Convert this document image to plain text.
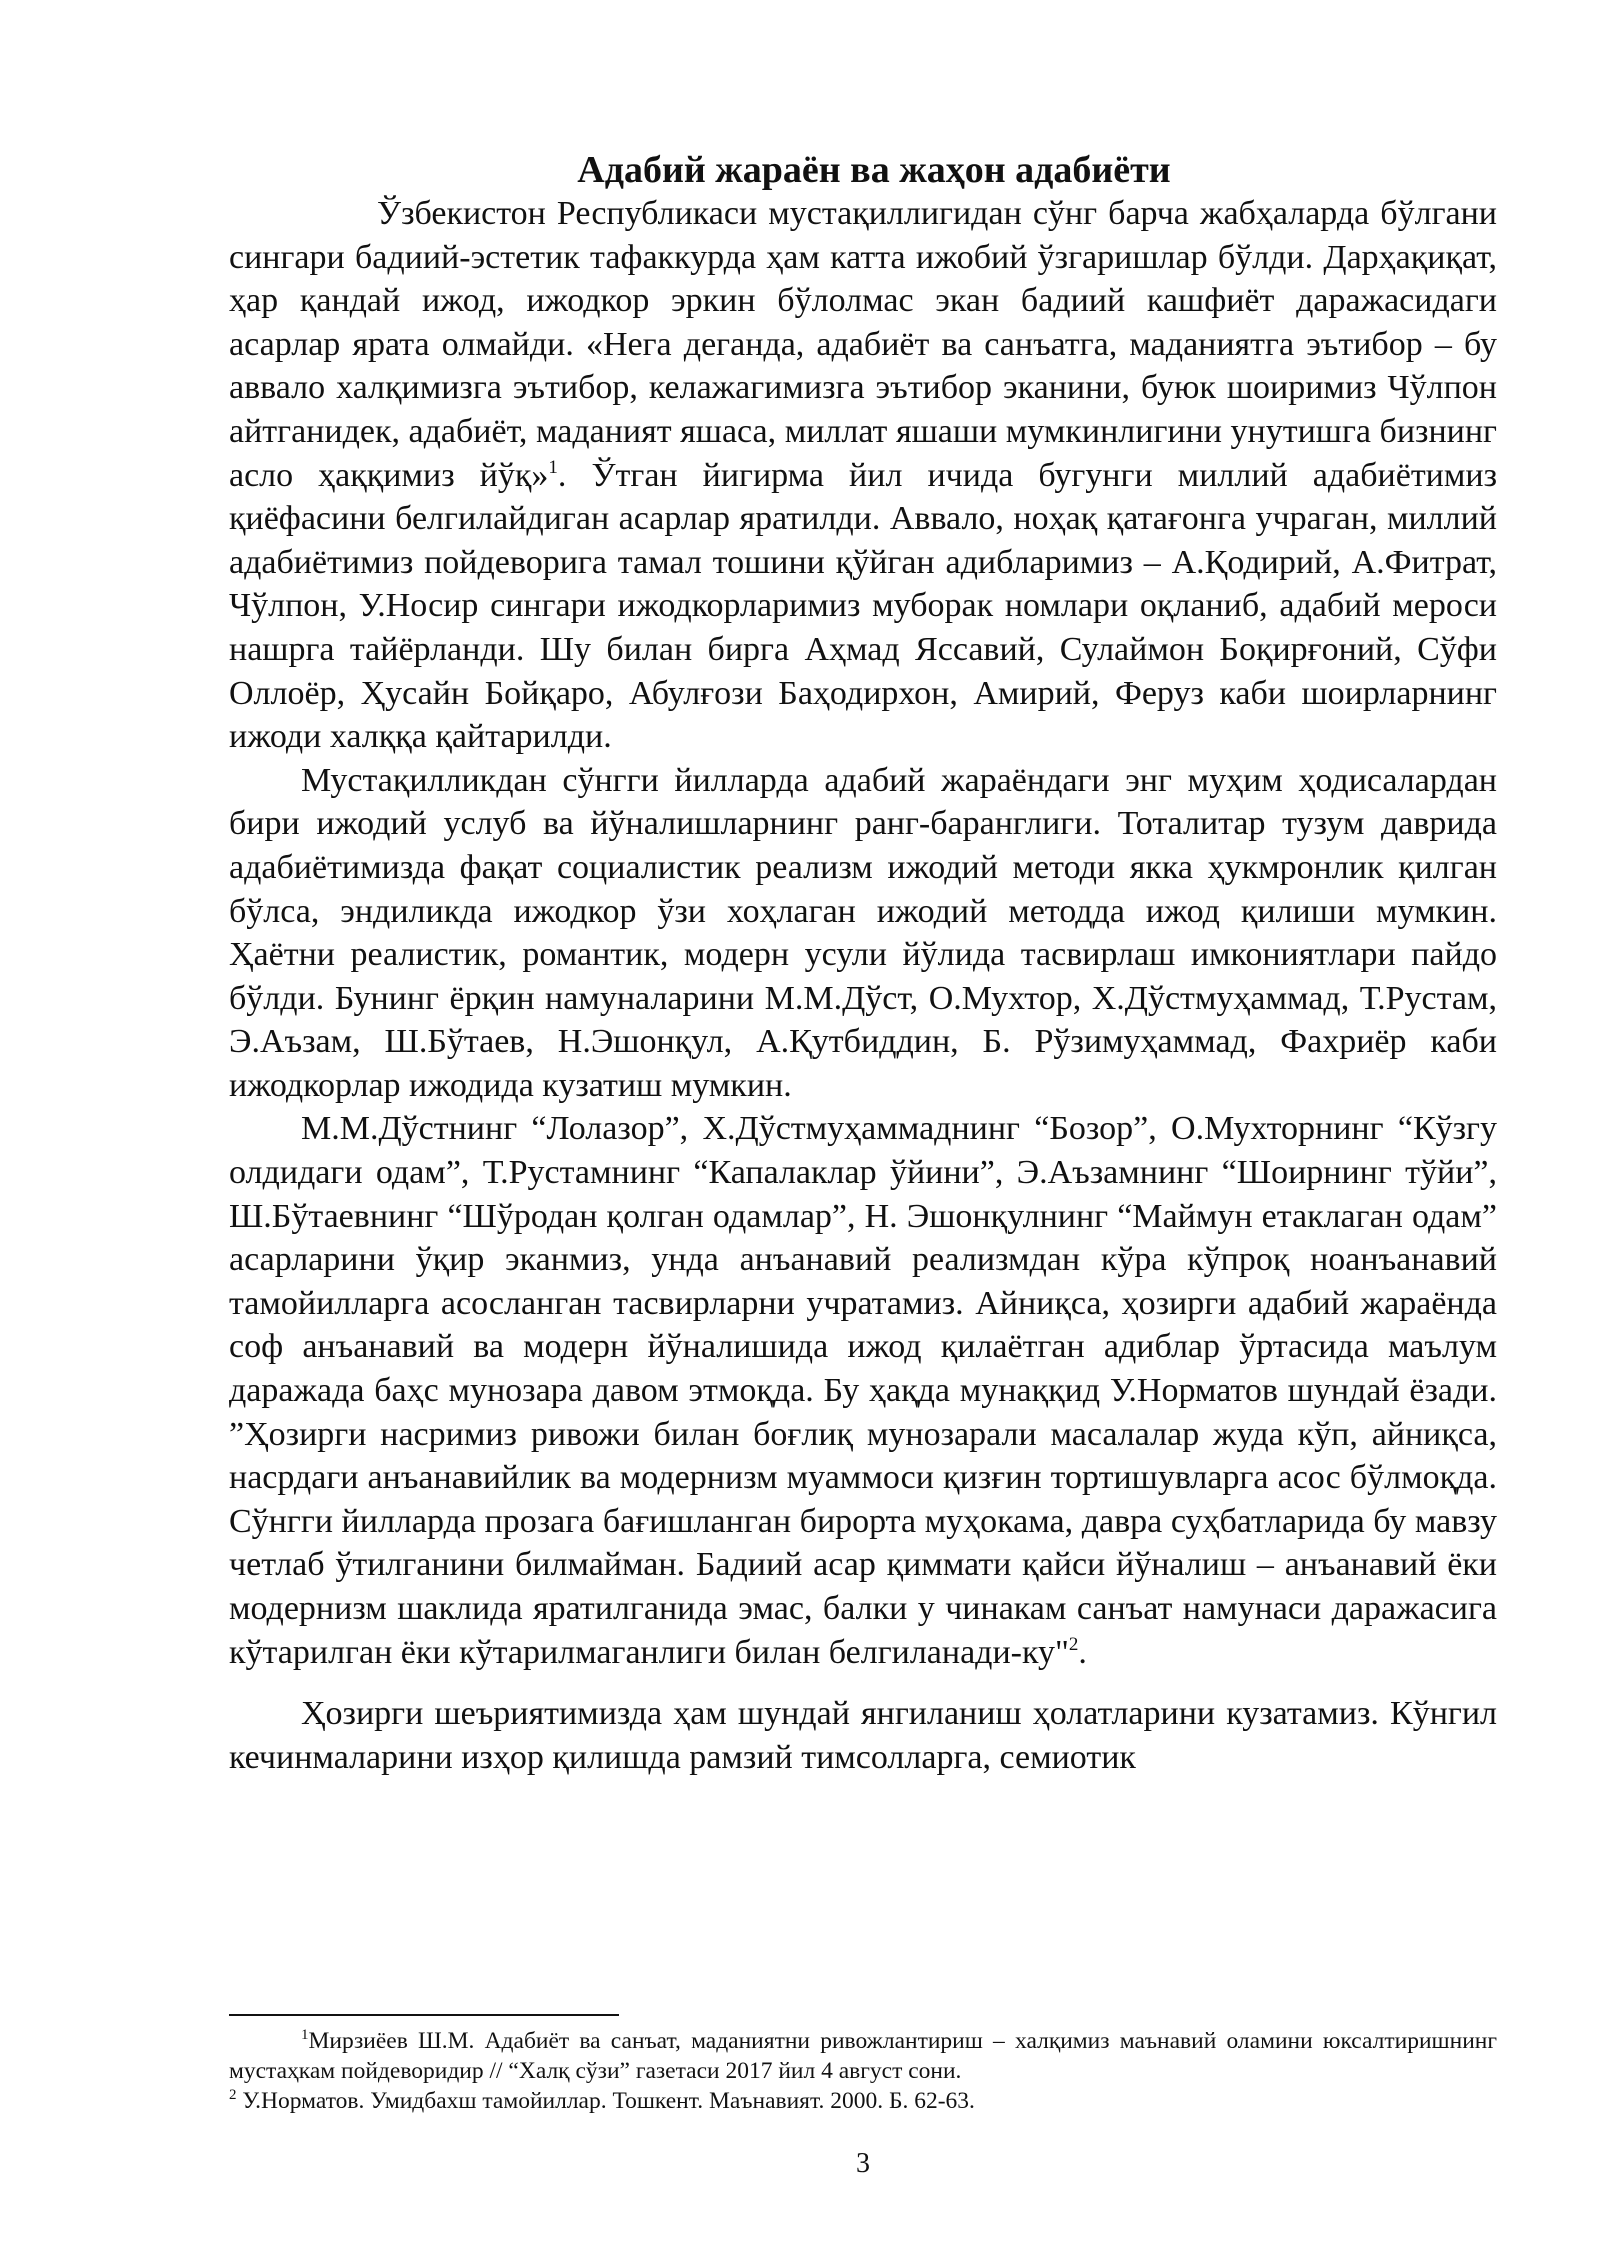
Адабий жараён ва жаҳон адабиёти

Ўзбекистон Республикаси мустақиллигидан сўнг барча жабҳаларда бўлгани сингари бадиий-эстетик тафаккурда ҳам катта ижобий ўзгаришлар бўлди. Дарҳақиқат, ҳар қандай ижод, ижодкор эркин бўлолмас экан бадиий кашфиёт даражасидаги асарлар ярата олмайди. «Нега деганда, адабиёт ва санъатга, маданиятга эътибор – бу аввало халқимизга эътибор, келажагимизга эътибор эканини, буюк шоиримиз Чўлпон айтганидек, адабиёт, маданият яшаса, миллат яшаши мумкинлигини унутишга бизнинг асло ҳаққимиз йўқ»$^1$. Ўтган йигирма йил ичида бугунги миллий адабиётимиз қиёфасини белгилайдиган асарлар яратилди. Аввало, ноҳақ қатағонга учраган, миллий адабиётимиз пойдеворига тамал тошини қўйган адибларимиз – А.Қодирий, А.Фитрат, Чўлпон, У.Носир сингари ижодкорларимиз муборак номлари оқланиб, адабий мероси нашрга тайёрланди. Шу билан бирга Аҳмад Яссавий, Сулаймон Боқирғоний, Сўфи Оллоёр, Ҳусайн Бойқаро, Абулғози Баҳодирхон, Амирий, Феруз каби шоирларнинг ижоди халққа қайтарилди.

Мустақилликдан сўнгги йилларда адабий жараёндаги энг муҳим ҳодисалардан бири ижодий услуб ва йўналишларнинг ранг-баранглиги. Тоталитар тузум даврида адабиётимизда фақат социалистик реализм ижодий методи якка ҳукмронлик қилган бўлса, эндиликда ижодкор ўзи хоҳлаган ижодий методда ижод қилиши мумкин. Ҳаётни реалистик, романтик, модерн усули йўлида тасвирлаш имкониятлари пайдо бўлди. Бунинг ёрқин намуналарини М.М.Дўст, О.Мухтор, Х.Дўстмуҳаммад, Т.Рустам, Э.Аъзам, Ш.Бўтаев, Н.Эшонқул, А.Қутбиддин, Б. Рўзимуҳаммад, Фахриёр каби ижодкорлар ижодида кузатиш мумкин.

М.М.Дўстнинг “Лолазор”, Х.Дўстмуҳаммаднинг “Бозор”, О.Мухторнинг “Кўзгу олдидаги одам”, Т.Рустамнинг “Капалаклар ўйини”, Э.Аъзамнинг “Шоирнинг тўйи”, Ш.Бўтаевнинг “Шўродан қолган одамлар”, Н. Эшонқулнинг “Маймун етаклаган одам” асарларини ўқир эканмиз, унда анъанавий реализмдан кўра кўпроқ ноанъанавий тамойилларга асосланган тасвирларни учратамиз. Айниқса, ҳозирги адабий жараёнда соф анъанавий ва модерн йўналишида ижод қилаётган адиблар ўртасида маълум даражада баҳс мунозара давом этмоқда. Бу ҳақда мунаққид У.Норматов шундай ёзади. ”Ҳозирги насримиз ривожи билан боғлиқ мунозарали масалалар жуда кўп, айниқса, насрдаги анъанавийлик ва модернизм муаммоси қизғин тортишувларга асос бўлмоқда. Сўнгги йилларда прозага бағишланган бирорта муҳокама, давра суҳбатларида бу мавзу четлаб ўтилганини билмайман. Бадиий асар қиммати қайси йўналиш – анъанавий ёки модернизм шаклида яратилганида эмас, балки у чинакам санъат намунаси даражасига кўтарилган ёки кўтарилмаганлиги билан белгиланади-ку"$^2$.

Ҳозирги шеъриятимизда ҳам шундай янгиланиш ҳолатларини кузатамиз. Кўнгил кечинмаларини изҳор қилишда рамзий тимсолларга, семиотик

$^1$Мирзиёев Ш.М. Адабиёт ва санъат, маданиятни ривожлантириш – халқимиз маънавий оламини юксалтиришнинг мустаҳкам пойдеворидир // “Халқ сўзи” газетаси 2017 йил 4 август сони.

$^2$ У.Норматов. Умидбахш тамойиллар. Тошкент. Маънавият. 2000. Б. 62-63.

3
